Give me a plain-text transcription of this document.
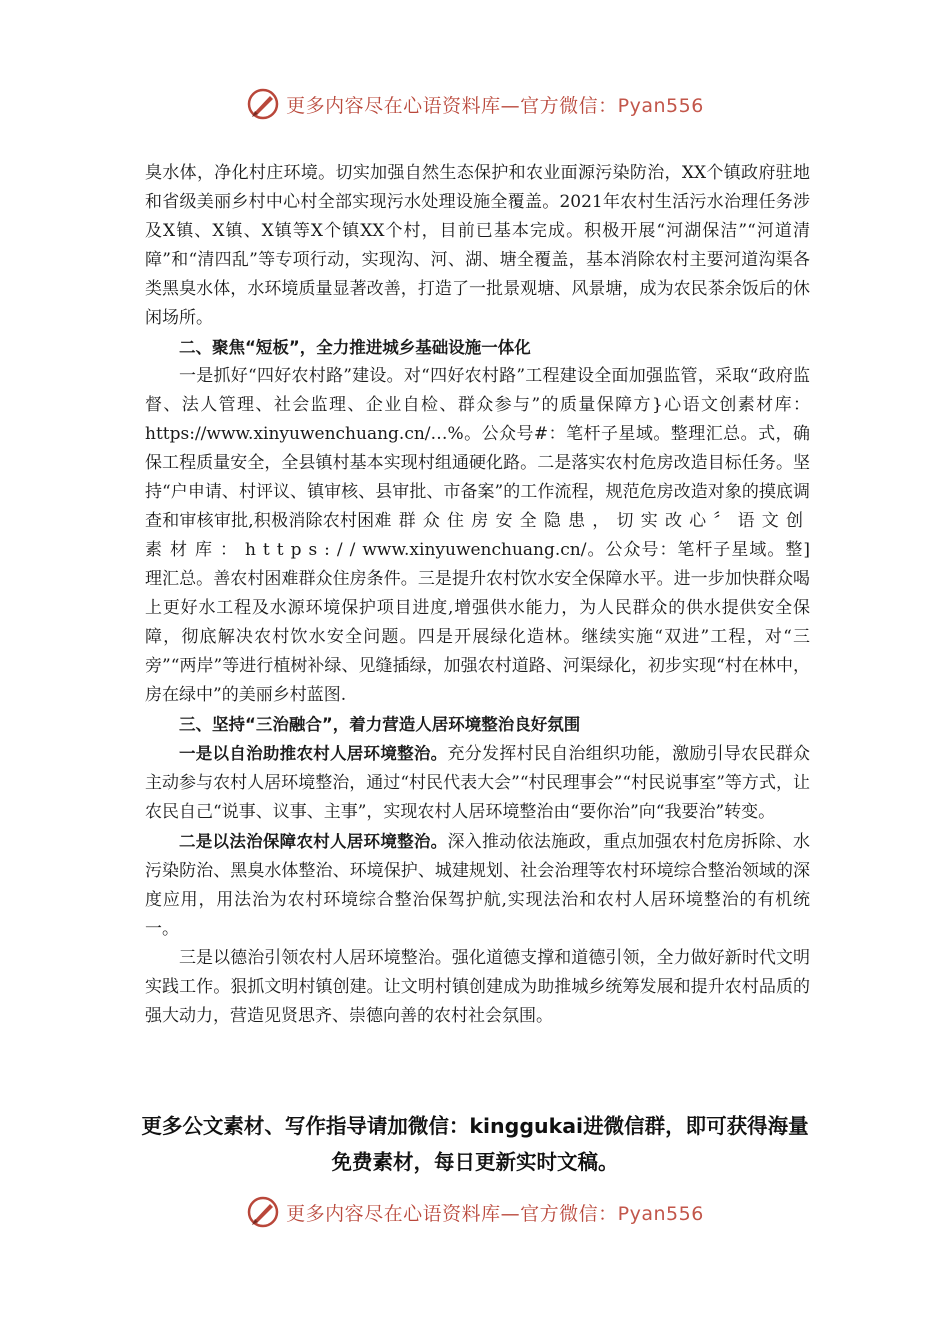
更多内容尽在心语资料库—官方微信：Pyan556

臭水体，净化村庄环境。切实加强自然生态保护和农业面源污染防治，XX个镇政府驻地和省级美丽乡村中心村全部实现污水处理设施全覆盖。2021年农村生活污水治理任务涉及X镇、X镇、X镇等X个镇XX个村，目前已基本完成。积极开展“河湖保洁”“河道清障”和“清四乱”等专项行动，实现沟、河、湖、塘全覆盖，基本消除农村主要河道沟渠各类黑臭水体，水环境质量显著改善，打造了一批景观塘、风景塘，成为农民茶余饭后的休闲场所。

二、聚焦“短板”，全力推进城乡基础设施一体化

一是抓好“四好农村路”建设。对“四好农村路”工程建设全面加强监管，采取“政府监督、法人管理、社会监理、企业自检、群众参与”的质量保障方}心语文创素材库：https://www.xinyuwenchuang.cn/…%。公众号#：笔杆子星域。整理汇总。式，确保工程质量安全，全县镇村基本实现村组通硬化路。二是落实农村危房改造目标任务。坚持“户申请、村评议、镇审核、县审批、市备案”的工作流程，规范危房改造对象的摸底调查和审核审批,积极消除农村困难群众住房安全隐患，切实改心〞语文创素材库：https://www.xinyuwenchuang.cn/。公众号：笔杆子星域。整]理汇总。善农村困难群众住房条件。三是提升农村饮水安全保障水平。进一步加快群众喝上更好水工程及水源环境保护项目进度,增强供水能力，为人民群众的供水提供安全保障，彻底解决农村饮水安全问题。四是开展绿化造林。继续实施“双进”工程，对“三旁”“两岸”等进行植树补绿、见缝插绿，加强农村道路、河渠绿化，初步实现“村在林中，房在绿中”的美丽乡村蓝图.

三、坚持“三治融合”，着力营造人居环境整治良好氛围

一是以自治助推农村人居环境整治。充分发挥村民自治组织功能，激励引导农民群众主动参与农村人居环境整治，通过“村民代表大会”“村民理事会”“村民说事室”等方式，让农民自己“说事、议事、主事”，实现农村人居环境整治由“要你治”向“我要治”转变。

二是以法治保障农村人居环境整治。深入推动依法施政，重点加强农村危房拆除、水污染防治、黑臭水体整治、环境保护、城建规划、社会治理等农村环境综合整治领域的深度应用，用法治为农村环境综合整治保驾护航,实现法治和农村人居环境整治的有机统一。

三是以德治引领农村人居环境整治。强化道德支撑和道德引领，全力做好新时代文明实践工作。狠抓文明村镇创建。让文明村镇创建成为助推城乡统筹发展和提升农村品质的强大动力，营造见贤思齐、崇德向善的农村社会氛围。

更多公文素材、写作指导请加微信：kinggukai进微信群，即可获得海量免费素材，每日更新实时文稿。
更多内容尽在心语资料库—官方微信：Pyan556
